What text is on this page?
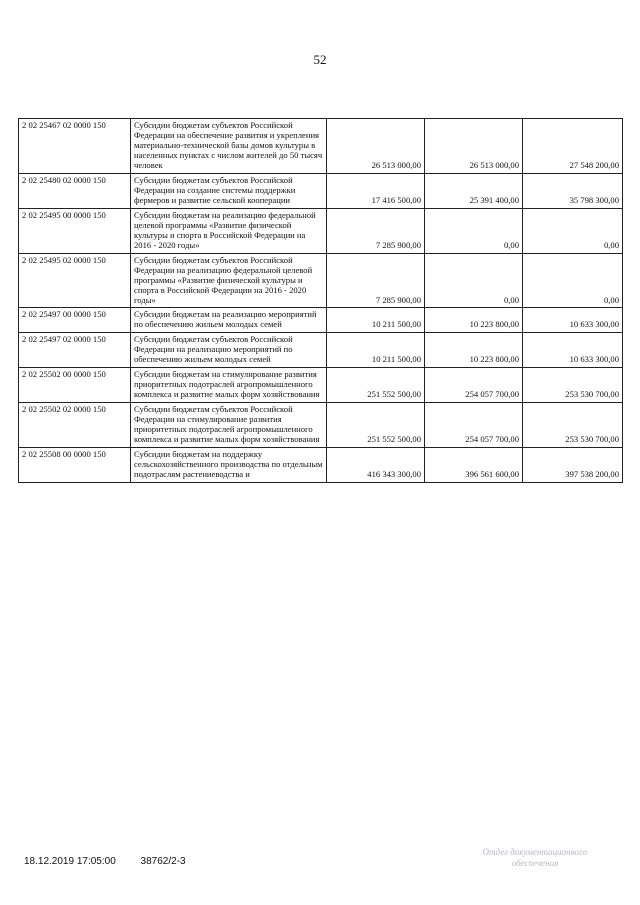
52
2 02 25467 02 0000 150	Субсидии бюджетам субъектов Российской Федерации на обеспечение развития и укрепления материально-технической базы домов культуры в населенных пунктах с числом жителей до 50 тысяч человек	26 513 000,00	26 513 000,00	27 548 200,00
2 02 25480 02 0000 150	Субсидии бюджетам субъектов Российской Федерации на создание системы поддержки фермеров и развитие сельской кооперации	17 416 500,00	25 391 400,00	35 798 300,00
2 02 25495 00 0000 150	Субсидии бюджетам на реализацию федеральной целевой программы «Развитие физической культуры и спорта в Российской Федерации на 2016 - 2020 годы»	7 285 900,00	0,00	0,00
2 02 25495 02 0000 150	Субсидии бюджетам субъектов Российской Федерации на реализацию федеральной целевой программы «Развитие физической культуры и спорта в Российской Федерации на 2016 - 2020 годы»	7 285 900,00	0,00	0,00
2 02 25497 00 0000 150	Субсидии бюджетам на реализацию мероприятий по обеспечению жильем молодых семей	10 211 500,00	10 223 800,00	10 633 300,00
2 02 25497 02 0000 150	Субсидии бюджетам субъектов Российской Федерации на реализацию мероприятий по обеспечению жильем молодых семей	10 211 500,00	10 223 800,00	10 633 300,00
2 02 25502 00 0000 150	Субсидии бюджетам на стимулирование развития приоритетных подотраслей агропромышленного комплекса и развитие малых форм хозяйствования	251 552 500,00	254 057 700,00	253 530 700,00
2 02 25502 02 0000 150	Субсидии бюджетам субъектов Российской Федерации на стимулирование развития приоритетных подотраслей агропромышленного комплекса и развитие малых форм хозяйствования	251 552 500,00	254 057 700,00	253 530 700,00
2 02 25508 00 0000 150	Субсидии бюджетам на поддержку сельскохозяйственного производства по отдельным подотраслям растениеводства и	416 343 300,00	396 561 600,00	397 538 200,00
18.12.2019 17:05:00 38762/2-3
Отдел документационного обеспечения
